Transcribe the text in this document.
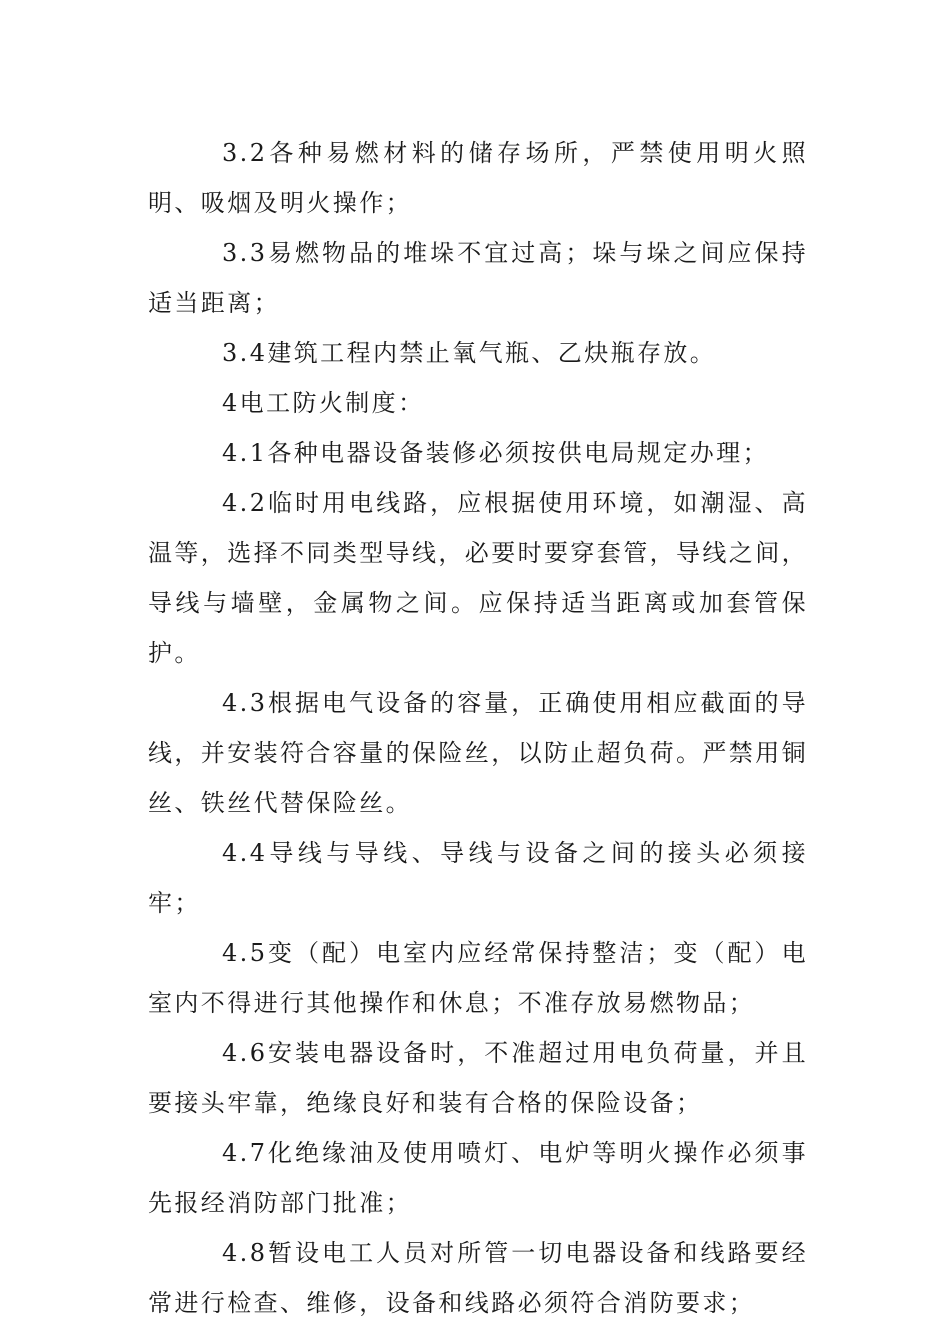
3.2各种易燃材料的储存场所，严禁使用明火照明、吸烟及明火操作；

3.3易燃物品的堆垛不宜过高；垛与垛之间应保持适当距离；

3.4建筑工程内禁止氧气瓶、乙炔瓶存放。

4电工防火制度：

4.1各种电器设备装修必须按供电局规定办理；

4.2临时用电线路，应根据使用环境，如潮湿、高温等，选择不同类型导线，必要时要穿套管，导线之间，导线与墙壁，金属物之间。应保持适当距离或加套管保护。

4.3根据电气设备的容量，正确使用相应截面的导线，并安装符合容量的保险丝，以防止超负荷。严禁用铜丝、铁丝代替保险丝。

4.4导线与导线、导线与设备之间的接头必须接牢；

4.5变（配）电室内应经常保持整洁；变（配）电室内不得进行其他操作和休息；不准存放易燃物品；

4.6安装电器设备时，不准超过用电负荷量，并且要接头牢靠，绝缘良好和装有合格的保险设备；

4.7化绝缘油及使用喷灯、电炉等明火操作必须事先报经消防部门批准；

4.8暂设电工人员对所管一切电器设备和线路要经常进行检查、维修，设备和线路必须符合消防要求；
